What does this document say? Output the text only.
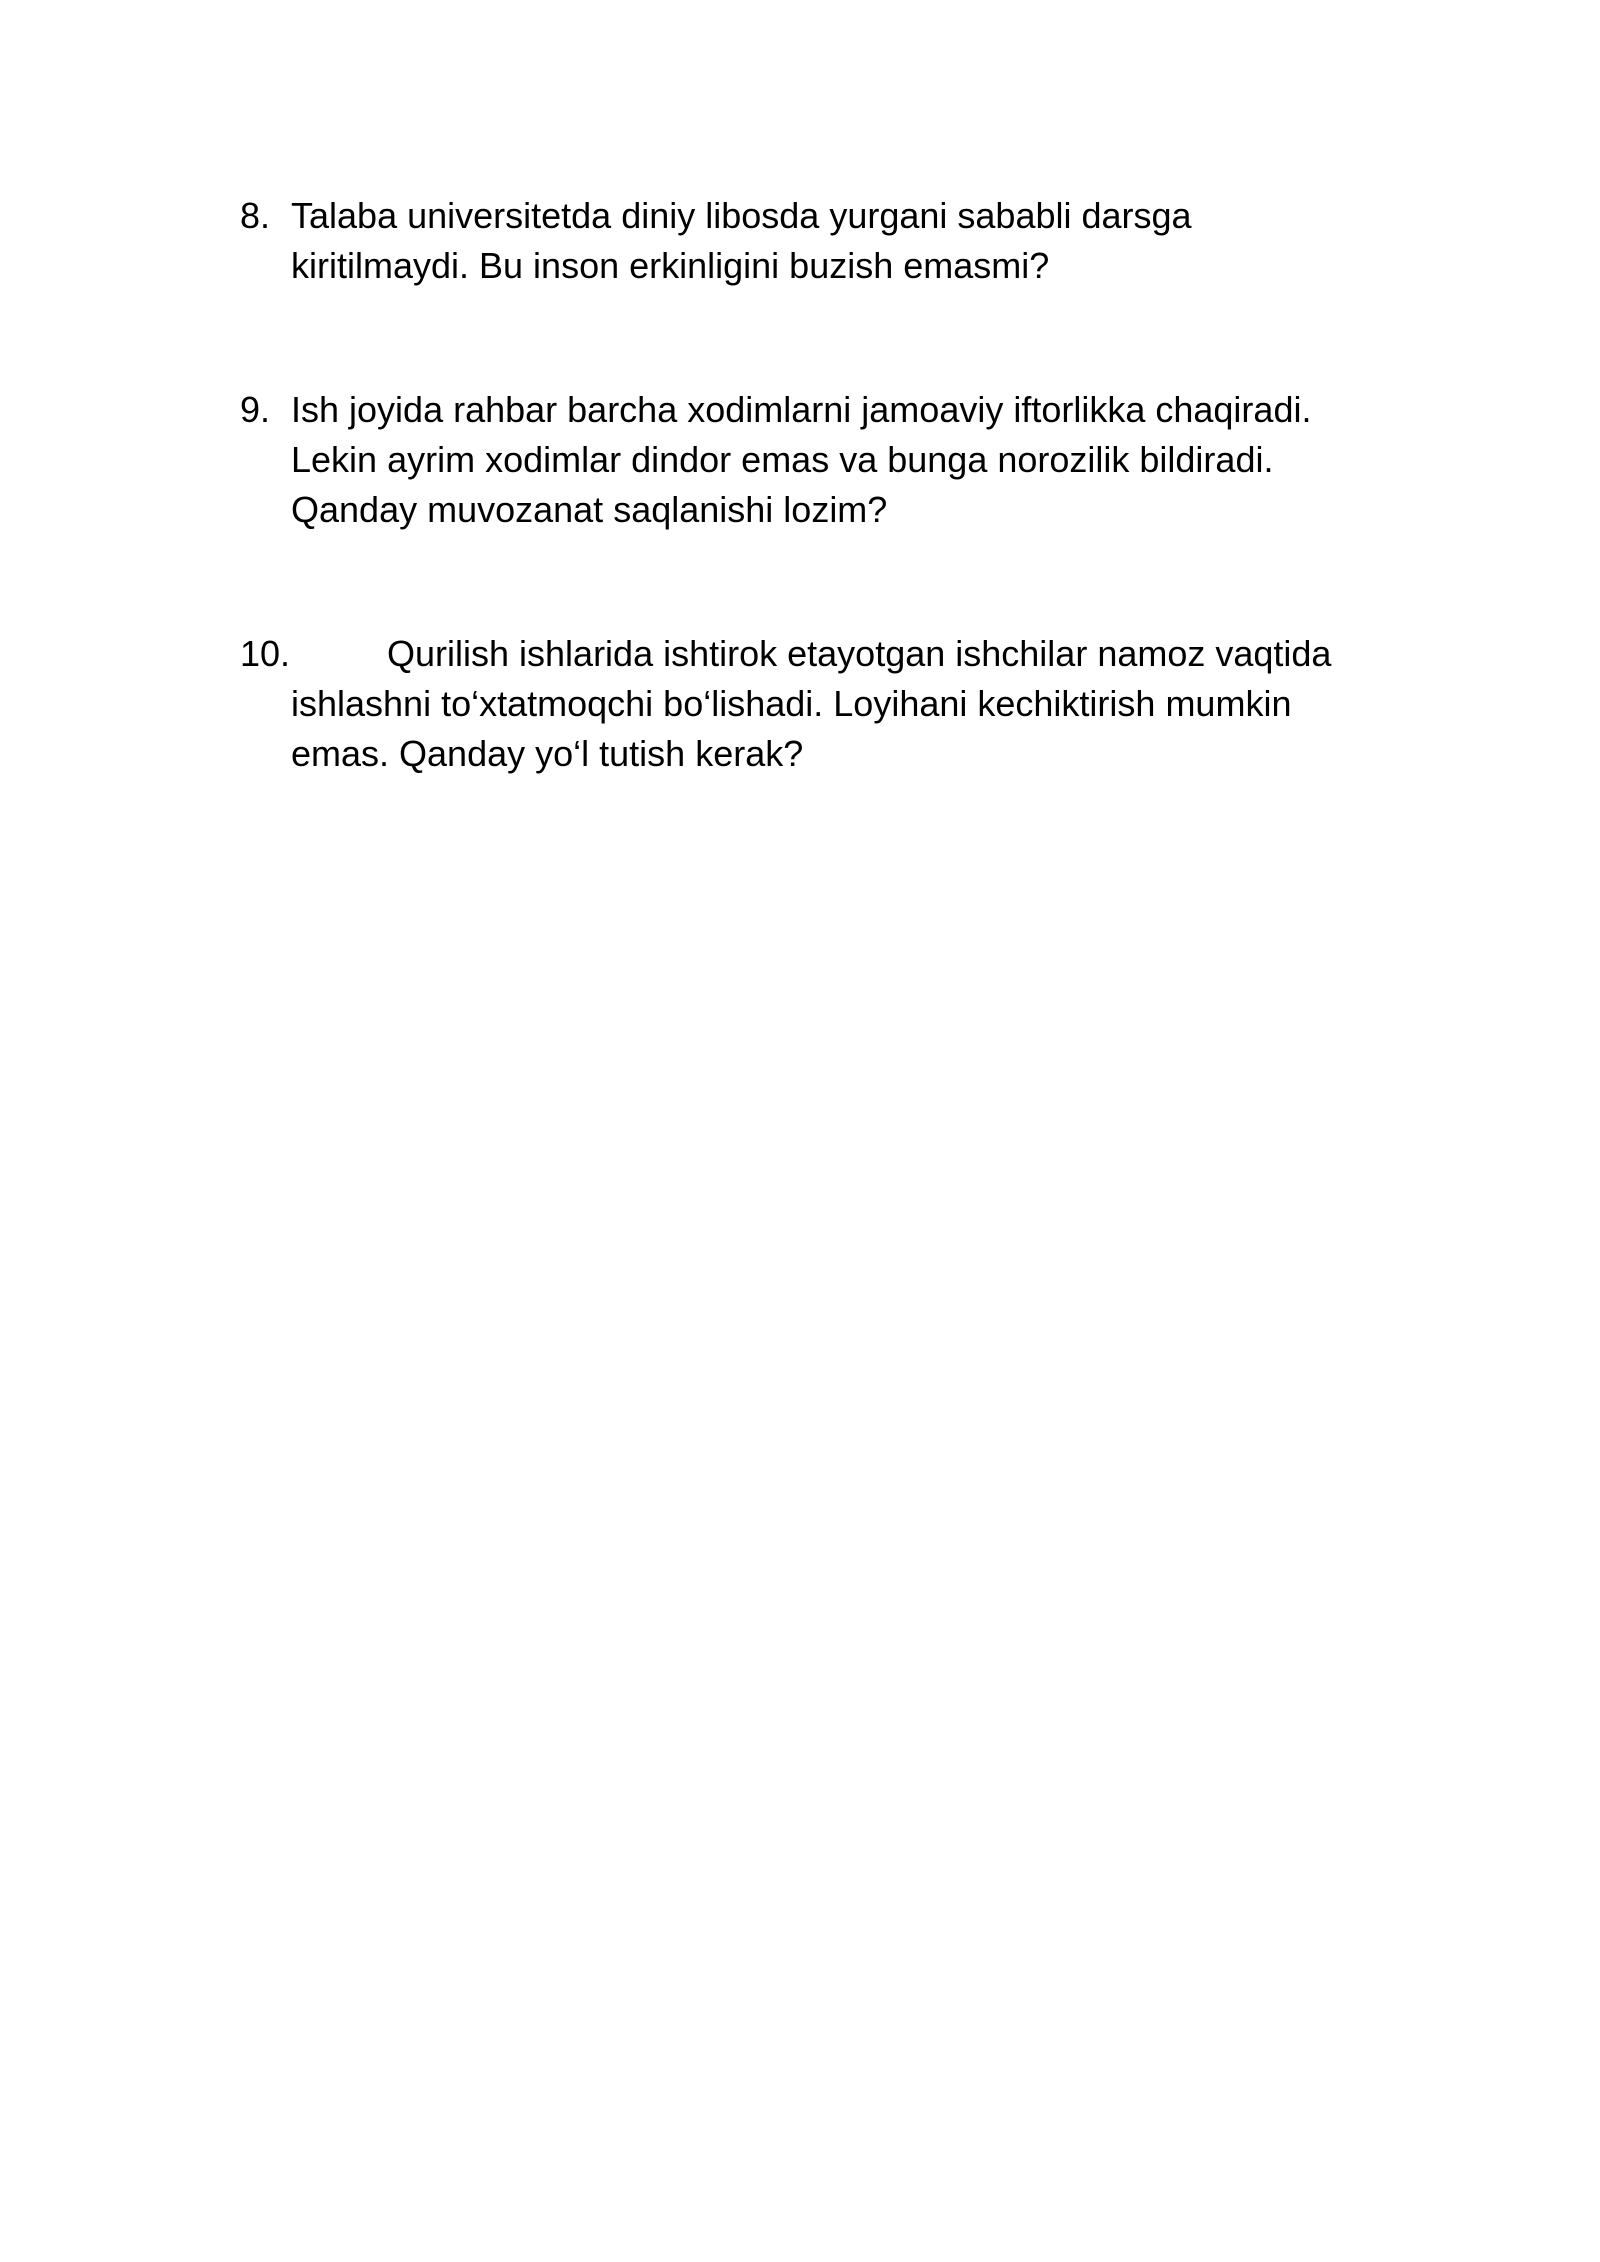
8. Talaba universitetda diniy libosda yurgani sababli darsga
kiritilmaydi. Bu inson erkinligini buzish emasmi?
9. Ish joyida rahbar barcha xodimlarni jamoaviy iftorlikka chaqiradi.
Lekin ayrim xodimlar dindor emas va bunga norozilik bildiradi.
Qanday muvozanat saqlanishi lozim?
10.	Qurilish ishlarida ishtirok etayotgan ishchilar namoz vaqtida
ishlashni to‘xtatmoqchi bo‘lishadi. Loyihani kechiktirish mumkin
emas. Qanday yo‘l tutish kerak?
